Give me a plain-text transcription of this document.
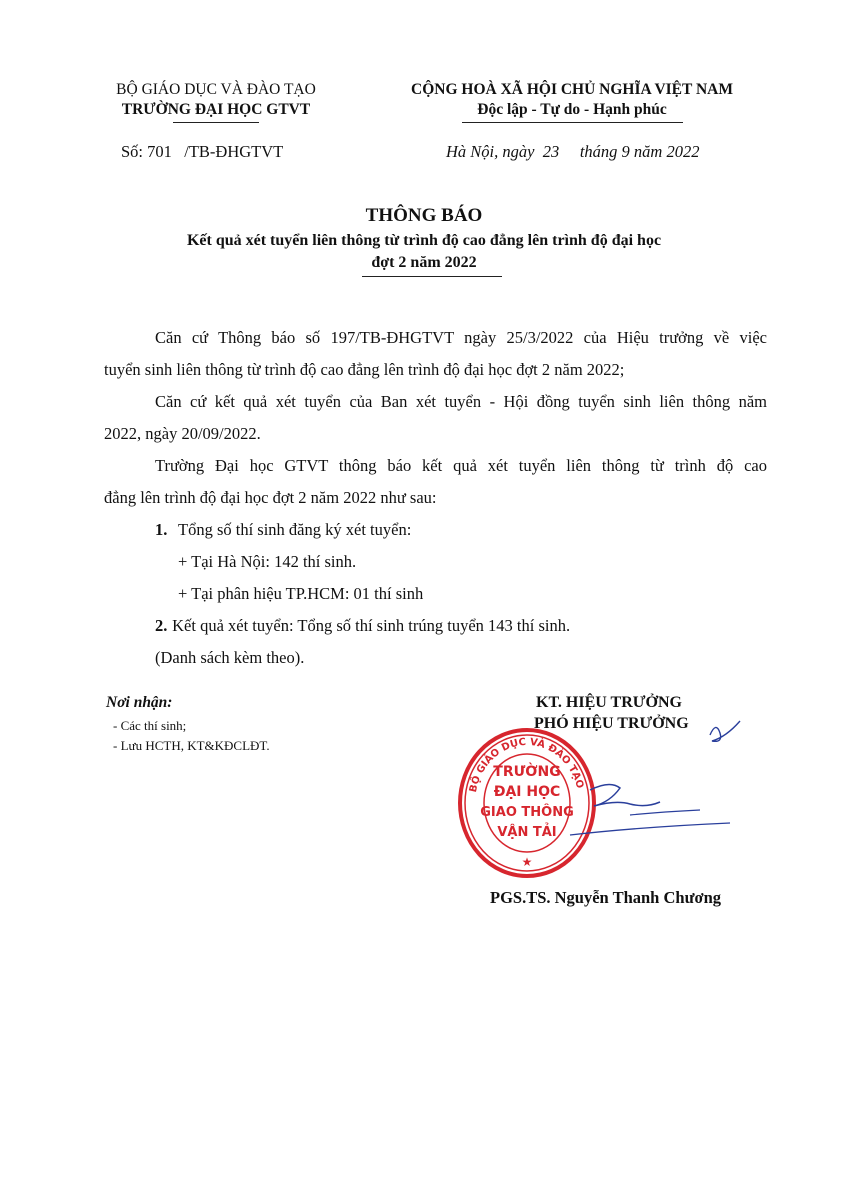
BỘ GIÁO DỤC VÀ ĐÀO TẠO
TRƯỜNG ĐẠI HỌC GTVT
CỘNG HOÀ XÃ HỘI CHỦ NGHĨA VIỆT NAM
Độc lập - Tự do - Hạnh phúc
Số: 701   /TB-ĐHGTVT	Hà Nội, ngày  23     tháng 9 năm 2022
THÔNG BÁO
Kết quả xét tuyển liên thông từ trình độ cao đẳng lên trình độ đại học
đợt 2 năm 2022
Căn cứ Thông báo số 197/TB-ĐHGTVT ngày 25/3/2022 của Hiệu trưởng về việc
tuyển sinh liên thông từ trình độ cao đẳng lên trình độ đại học đợt 2 năm 2022;
Căn cứ kết quả xét tuyển của Ban xét tuyển - Hội đồng tuyển sinh liên thông năm
2022, ngày 20/09/2022.
Trường Đại học GTVT thông báo kết quả xét tuyển liên thông từ trình độ cao
đẳng lên trình độ đại học đợt 2 năm 2022 như sau:
1. Tổng số thí sinh đăng ký xét tuyển:
+ Tại Hà Nội: 142 thí sinh.
+ Tại phân hiệu TP.HCM: 01 thí sinh
2. Kết quả xét tuyển: Tổng số thí sinh trúng tuyển 143 thí sinh.
(Danh sách kèm theo).
Nơi nhận:
- Các thí sinh;
- Lưu HCTH, KT&KĐCLĐT.
KT. HIỆU TRƯỞNG
PHÓ HIỆU TRƯỞNG
BỘ GIÁO DỤC VÀ ĐÀO TẠO
TRƯỜNG
ĐẠI HỌC
GIAO THÔNG
VẬN TẢI
★
PGS.TS. Nguyễn Thanh Chương
